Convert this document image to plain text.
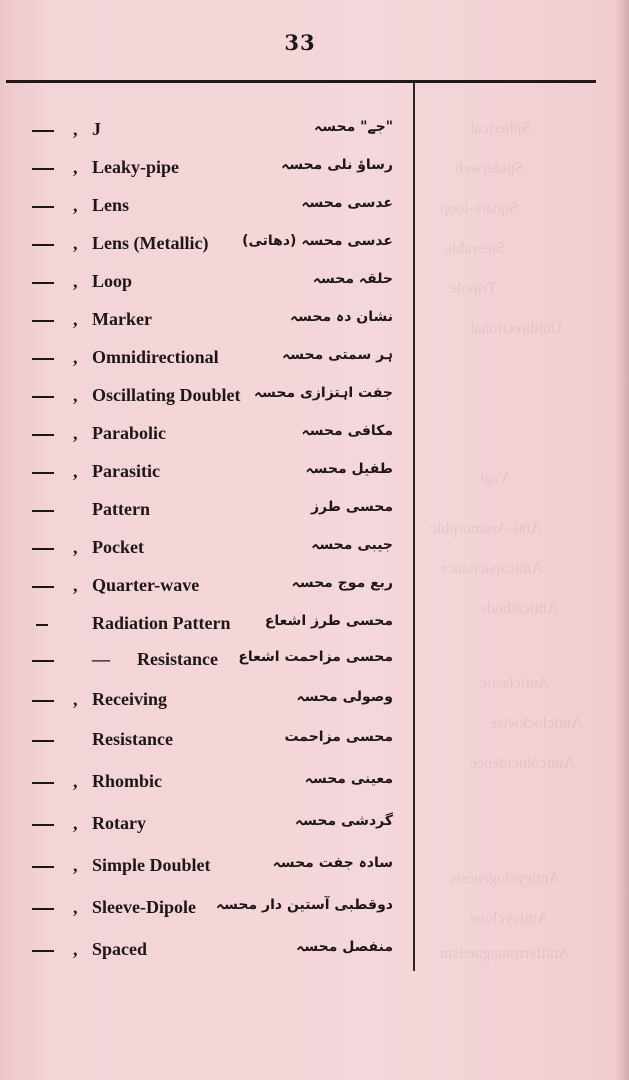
33
, J	"جے" محسہ
, Leaky-pipe	رساؤ نلی محسہ
, Lens	عدسی محسہ
, Lens (Metallic) عدسی محسہ (دھاتی)
, Loop	حلقہ محسہ
, Marker	نشان دہ محسہ
, Omnidirectional	ہر سمتی محسہ
, Oscillating Doublet جفت اہتزازی محسہ
, Parabolic	مکافی محسہ
, Parasitic	طفیل محسہ
Pattern	محسی طرز
, Pocket	جیبی محسہ
, Quarter-wave	ربع موج محسہ
Radiation Pattern محسی طرز اشعاع
—      Resistance محسی مزاحمت اشعاع
, Receiving	وصولی محسہ
Resistance	محسی مزاحمت
, Rhombic	معینی محسہ
, Rotary	گردشی محسہ
, Simple Doublet	سادہ جفت محسہ
, Sleeve-Dipole دوقطبی آستین دار محسہ
, Spaced	منفصل محسہ
